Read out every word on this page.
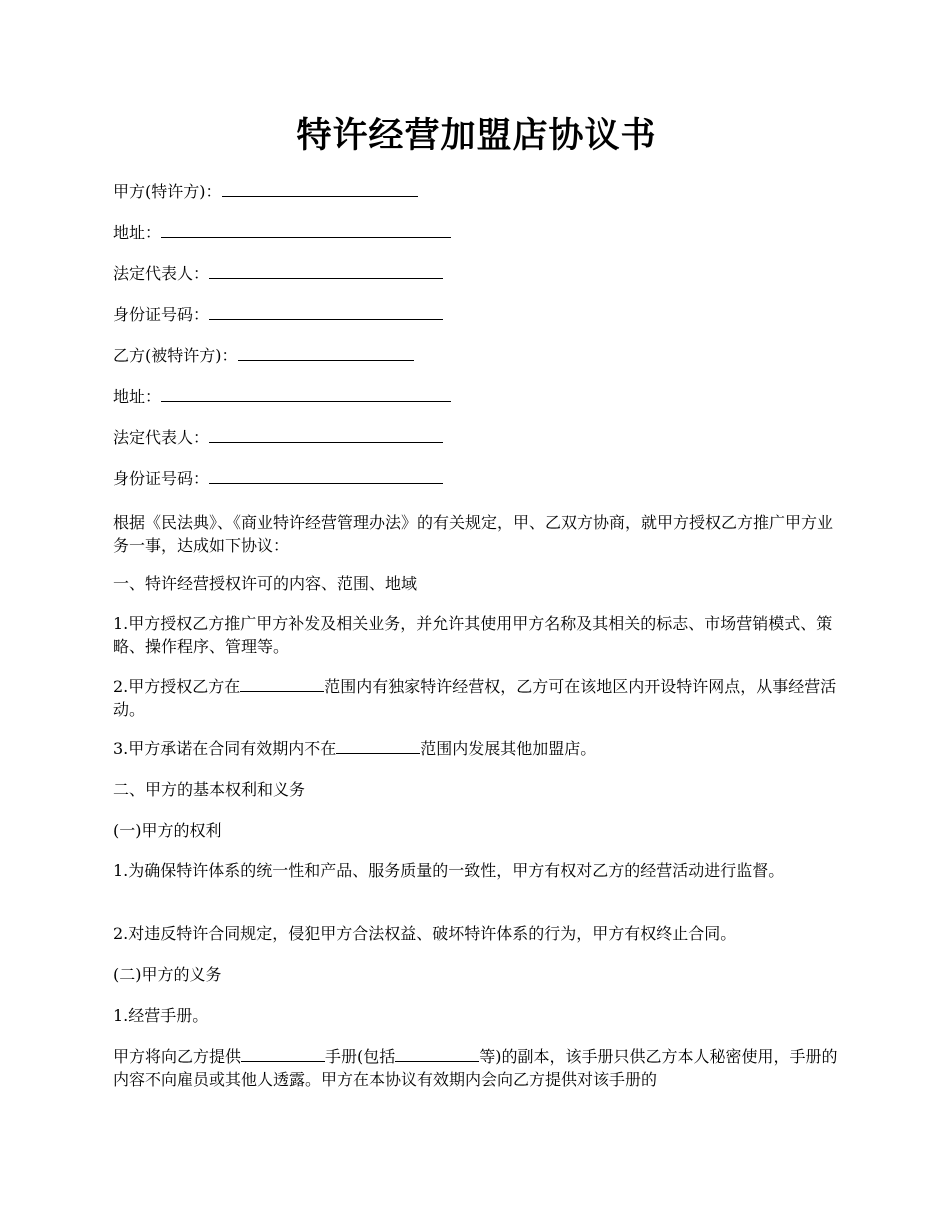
特许经营加盟店协议书
甲方(特许方)：
地址：
法定代表人：
身份证号码：
乙方(被特许方)：
地址：
法定代表人：
身份证号码：
根据《民法典》、《商业特许经营管理办法》的有关规定，甲、乙双方协商，就甲方授权乙方推广甲方业务一事，达成如下协议：
一、特许经营授权许可的内容、范围、地域
1.甲方授权乙方推广甲方补发及相关业务，并允许其使用甲方名称及其相关的标志、市场营销模式、策略、操作程序、管理等。
2.甲方授权乙方在	范围内有独家特许经营权，乙方可在该地区内开设特许网点，从事经营活动。
3.甲方承诺在合同有效期内不在	范围内发展其他加盟店。
二、甲方的基本权利和义务
(一)甲方的权利
1.为确保特许体系的统一性和产品、服务质量的一致性，甲方有权对乙方的经营活动进行监督。
2.对违反特许合同规定，侵犯甲方合法权益、破坏特许体系的行为，甲方有权终止合同。
(二)甲方的义务
1.经营手册。
甲方将向乙方提供	手册(包括	等)的副本，该手册只供乙方本人秘密使用，手册的内容不向雇员或其他人透露。甲方在本协议有效期内会向乙方提供对该手册的
